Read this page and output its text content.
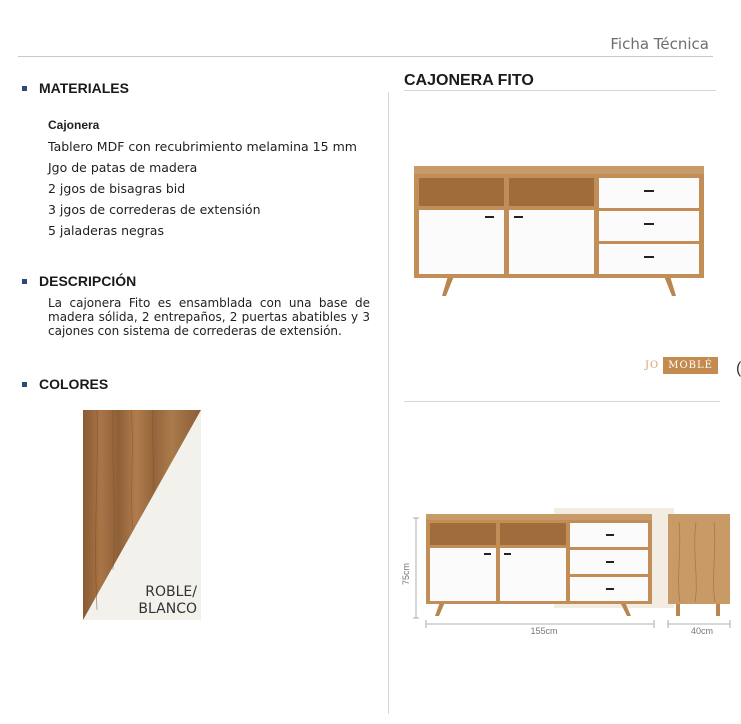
Ficha Técnica
MATERIALES
Cajonera
Tablero MDF con recubrimiento melamina 15 mm
Jgo de patas de madera
2 jgos de bisagras bid
3 jgos de correderas de extensión
5 jaladeras negras
DESCRIPCIÓN
La cajonera Fito es ensamblada con una base de madera sólida, 2 entrepaños, 2 puertas abatibles y 3 cajones con sistema de correderas de extensión.
COLORES
ROBLE/
BLANCO
CAJONERA FITO
JO MOBLÉ	(
75cm
155cm	40cm
